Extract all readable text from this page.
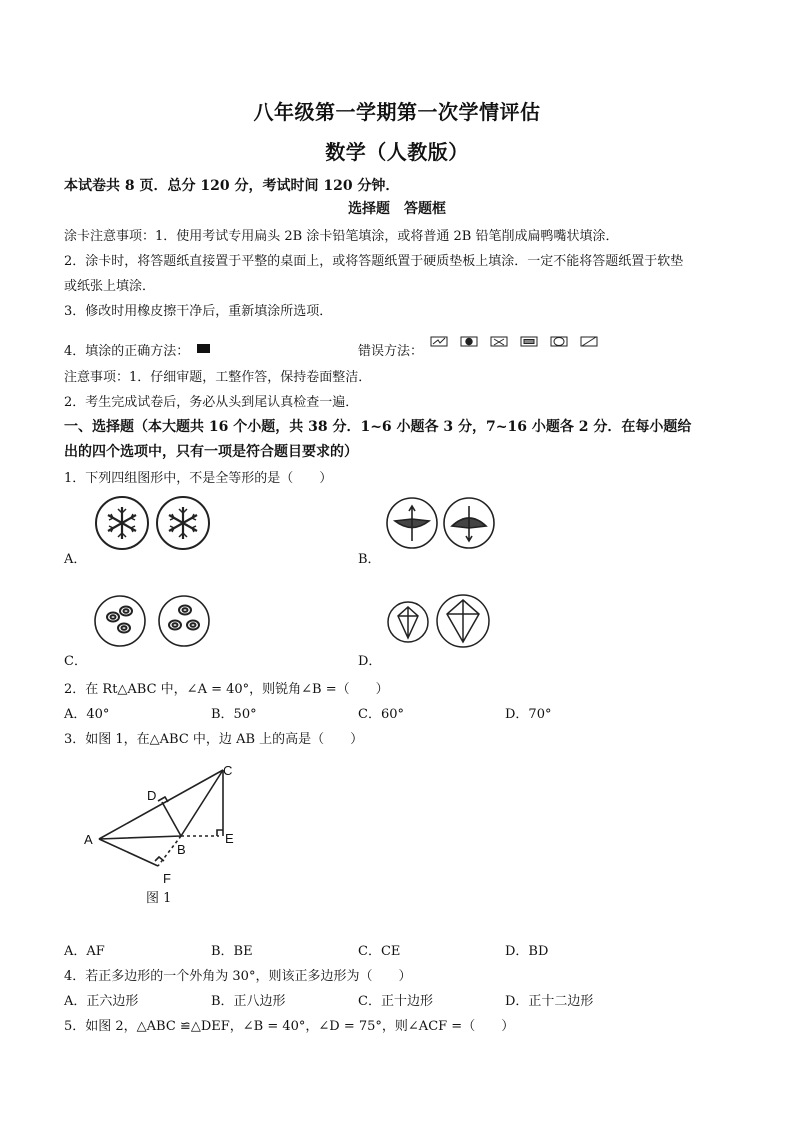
八年级第一学期第一次学情评估
数学（人教版）
本试卷共 8 页．总分 120 分，考试时间 120 分钟．
选择题　答题框
涂卡注意事项：1．使用考试专用扁头 2B 涂卡铅笔填涂，或将普通 2B 铅笔削成扁鸭嘴状填涂．
2．涂卡时，将答题纸直接置于平整的桌面上，或将答题纸置于硬质垫板上填涂．一定不能将答题纸置于软垫
或纸张上填涂．
3．修改时用橡皮擦干净后，重新填涂所选项．
4．填涂的正确方法：	错误方法：
注意事项：1．仔细审题，工整作答，保持卷面整洁．
2．考生完成试卷后，务必从头到尾认真检查一遍．
一、选择题（本大题共 16 个小题，共 38 分．1~6 小题各 3 分，7~16 小题各 2 分．在每小题给
出的四个选项中，只有一项是符合题目要求的）
1．下列四组图形中，不是全等形的是（　　）
A．	B．
C．	D．
2．在 Rt△ABC 中，∠A = 40°，则锐角∠B =（　　）
A．40°	B．50°	C．60°	D．70°
3．如图 1，在△ABC 中，边 AB 上的高是（　　）
A
B
C
D
E
F
图 1
A．AF	B．BE	C．CE	D．BD
4．若正多边形的一个外角为 30°，则该正多边形为（　　）
A．正六边形	B．正八边形	C．正十边形	D．正十二边形
5．如图 2，△ABC ≌△DEF，∠B = 40°，∠D = 75°，则∠ACF =（　　）
